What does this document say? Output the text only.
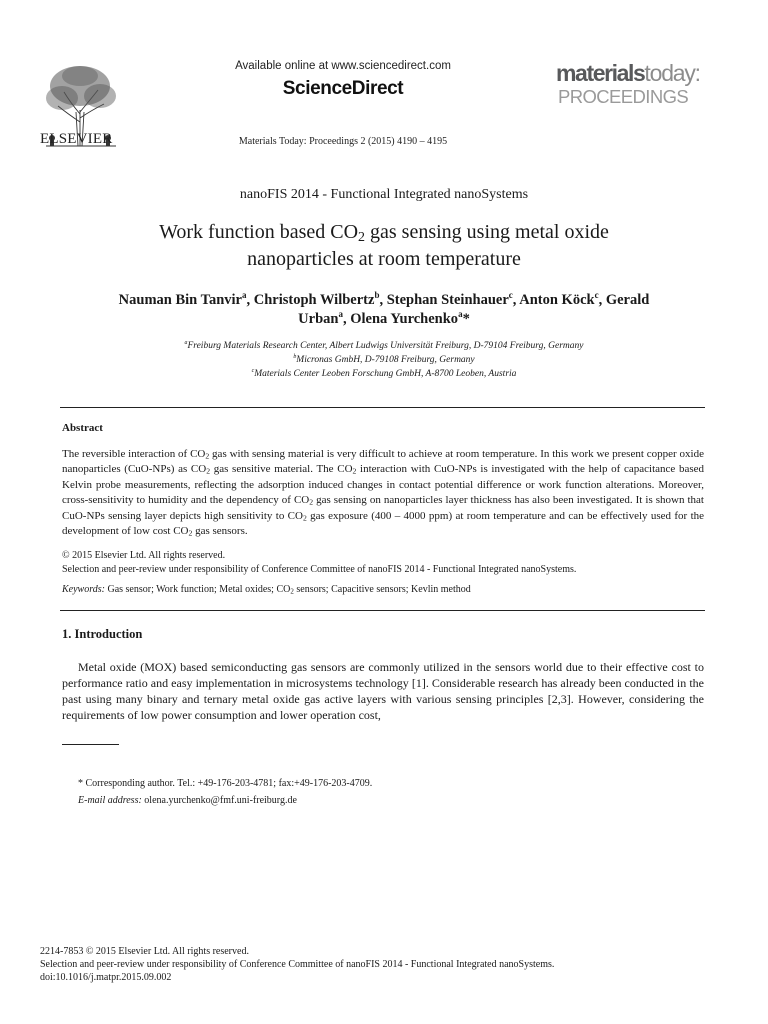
ELSEVIER
Available online at www.sciencedirect.com
ScienceDirect
Materials Today: Proceedings 2 (2015) 4190 – 4195
materialstoday:
PROCEEDINGS
nanoFIS 2014 - Functional Integrated nanoSystems
Work function based $CO_2$ gas sensing using metal oxide
nanoparticles at room temperature
Nauman Bin Tanvir$^a$, Christoph Wilbertz$^b$, Stephan Steinhauer$^c$, Anton Köck$^c$, Gerald
Urban$^a$, Olena Yurchenko$^a$*
$^a$Freiburg Materials Research Center, Albert Ludwigs Universität Freiburg, D-79104 Freiburg, Germany
$^b$Micronas GmbH, D-79108 Freiburg, Germany
$^c$Materials Center Leoben Forschung GmbH, A-8700 Leoben, Austria
Abstract
The reversible interaction of $CO_2$ gas with sensing material is very difficult to achieve at room temperature. In this work we present copper oxide nanoparticles (CuO-NPs) as $CO_2$ gas sensitive material. The $CO_2$ interaction with CuO-NPs is investigated with the help of capacitance based Kelvin probe measurements, reflecting the adsorption induced changes in contact potential difference or work function alterations. Moreover, cross-sensitivity to humidity and the dependency of $CO_2$ gas sensing on nanoparticles layer thickness has also been investigated. It is shown that CuO-NPs sensing layer depicts high sensitivity to $CO_2$ gas exposure (400 – 4000 ppm) at room temperature and can be effectively used for the development of low cost $CO_2$ gas sensors.
© 2015 Elsevier Ltd. All rights reserved.
Selection and peer-review under responsibility of Conference Committee of nanoFIS 2014 - Functional Integrated nanoSystems.
Keywords: Gas sensor; Work function; Metal oxides; $CO_2$ sensors; Capacitive sensors; Kevlin method
1. Introduction
Metal oxide (MOX) based semiconducting gas sensors are commonly utilized in the sensors world due to their effective cost to performance ratio and easy implementation in microsystems technology [1]. Considerable research has already been conducted in the past using many binary and ternary metal oxide gas active layers with various sensing principles [2,3]. However, considering the requirements of low power consumption and lower operation cost,
* Corresponding author. Tel.: +49-176-203-4781; fax:+49-176-203-4709.
E-mail address: olena.yurchenko@fmf.uni-freiburg.de
2214-7853 © 2015 Elsevier Ltd. All rights reserved.
Selection and peer-review under responsibility of Conference Committee of nanoFIS 2014 - Functional Integrated nanoSystems.
doi:10.1016/j.matpr.2015.09.002
